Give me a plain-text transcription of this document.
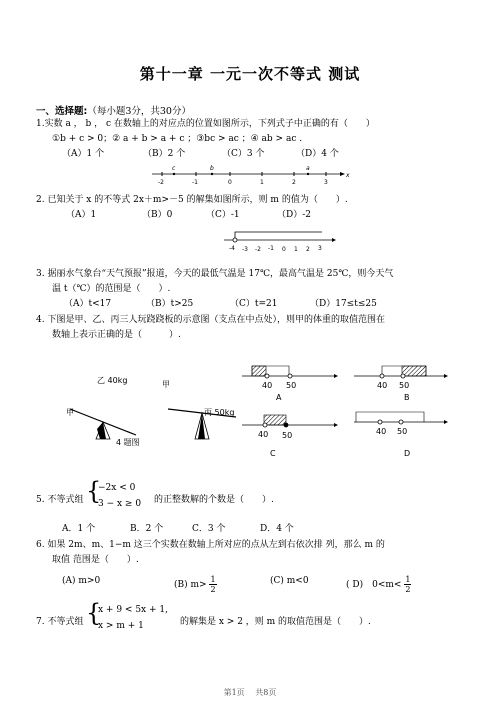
第十一章 一元一次不等式 测试
一、选择题:（每小题3分，共30分）
1.实数 a ， b ， c 在数轴上的对应点的位置如图所示，下列式子中正确的有（　　）
①b + c > 0；② a + b > a + c ；③bc > ac ；④ ab > ac .
（A）1 个	（B）2 个	（C）3 个	（D）4 个
x
-2	-1	0	1	2	3
c	b	a
2. 已知关于 x 的不等式 2x＋m>－5 的解集如图所示，则 m 的值为（　　）.
（A）1	（B）0	（C）-1	（D）-2
-4 -3 -2 -1 0 1 2 3
3. 据丽水气象台“天气预报”报道，今天的最低气温是 17℃，最高气温是 25℃，则今天气
温 t（℃）的范围是（　　）.
（A）t<17	（B）t>25	（C）t=21	（D）17≤t≤25
4. 下图是甲、乙、丙三人玩跷跷板的示意图（支点在中点处），则甲的体重的取值范围在
数轴上表示正确的是（　　　）.
乙 40kg	甲
甲	丙 50kg
4 题图
40 50
A
40 50
B
40 50
C
40 50
D
5. 不等式组 {
−2x < 0
3 − x ≥ 0 的正整数解的个数是（　　）.
A．1 个	B．2 个	C．3 个	D．4 个
6. 如果 2m、m、1−m 这三个实数在数轴上所对应的点从左到右依次排 列，那么 m 的
取值 范围是（　　）.
(A) m>0	(B) $m> \frac{1}{2}$	(C) m<0	( D)　$0<m< \frac{1}{2}$
7. 不等式组 {
x + 9 < 5x + 1,
x > m + 1	的解集是 x > 2 ，则 m 的取值范围是（　　）.
第1页　 共8页
